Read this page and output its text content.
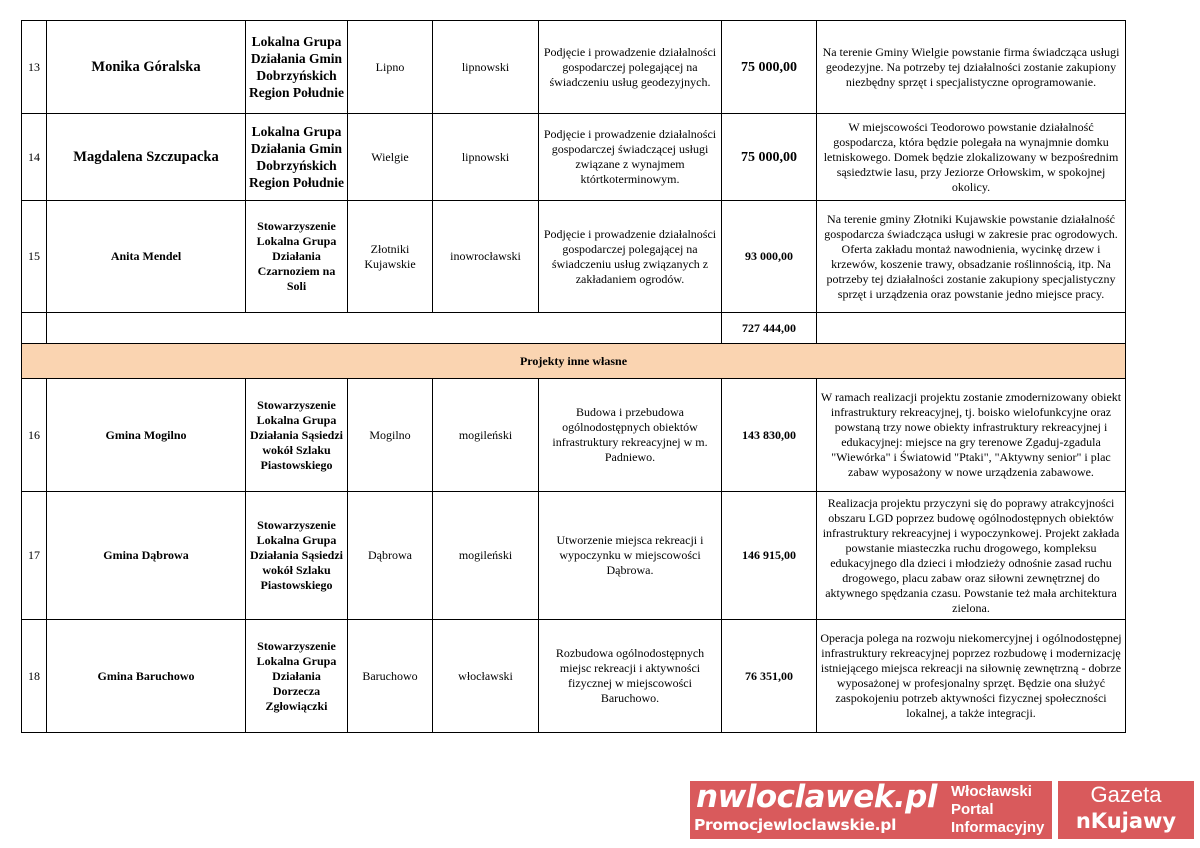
13	Monika Góralska	Lokalna Grupa Działania Gmin Dobrzyńskich Region Południe	Lipno	lipnowski	Podjęcie i prowadzenie działalności gospodarczej polegającej na świadczeniu usług geodezyjnych.	75 000,00	Na terenie Gminy Wielgie powstanie firma świadcząca usługi geodezyjne. Na potrzeby tej działalności zostanie zakupiony niezbędny sprzęt i specjalistyczne oprogramowanie.
14	Magdalena Szczupacka	Lokalna Grupa Działania Gmin Dobrzyńskich Region Południe	Wielgie	lipnowski	Podjęcie i prowadzenie działalności gospodarczej świadczącej usługi związane z wynajmem którtkoterminowym.	75 000,00	W miejscowości Teodorowo powstanie działalność gospodarcza, która będzie polegała na wynajmnie domku letniskowego. Domek będzie zlokalizowany w bezpośrednim sąsiedztwie lasu, przy Jeziorze Orłowskim, w spokojnej okolicy.
15	Anita Mendel	Stowarzyszenie Lokalna Grupa Działania Czarnoziem na Soli	Złotniki Kujawskie	inowrocławski	Podjęcie i prowadzenie działalności gospodarczej polegającej na świadczeniu usług związanych z zakładaniem ogrodów.	93 000,00	Na terenie gminy Złotniki Kujawskie powstanie działalność gospodarcza świadcząca usługi w zakresie prac ogrodowych. Oferta zakładu montaż nawodnienia, wycinkę drzew i krzewów, koszenie trawy, obsadzanie roślinnością, itp. Na potrzeby tej działalności zostanie zakupiony specjalistyczny sprzęt i urządzenia oraz powstanie jedno miejsce pracy.
						727 444,00	
Projekty inne własne							
16	Gmina Mogilno	Stowarzyszenie Lokalna Grupa Działania Sąsiedzi wokół Szlaku Piastowskiego	Mogilno	mogileński	Budowa i przebudowa ogólnodostępnych obiektów infrastruktury rekreacyjnej w m. Padniewo.	143 830,00	W ramach realizacji projektu zostanie zmodernizowany obiekt infrastruktury rekreacyjnej, tj. boisko wielofunkcyjne oraz powstaną trzy nowe obiekty infrastruktury rekreacyjnej i edukacyjnej: miejsce na gry terenowe Zgaduj-zgadula "Wiewórka" i Światowid "Ptaki", "Aktywny senior" i plac zabaw wyposażony w nowe urządzenia zabawowe.
17	Gmina Dąbrowa	Stowarzyszenie Lokalna Grupa Działania Sąsiedzi wokół Szlaku Piastowskiego	Dąbrowa	mogileński	Utworzenie miejsca rekreacji i wypoczynku w miejscowości Dąbrowa.	146 915,00	Realizacja projektu przyczyni się do poprawy atrakcyjności obszaru LGD poprzez budowę ogólnodostępnych obiektów infrastruktury rekreacyjnej i wypoczynkowej. Projekt zakłada powstanie miasteczka ruchu drogowego, kompleksu edukacyjnego dla dzieci i młodzieży odnośnie zasad ruchu drogowego, placu zabaw oraz siłowni zewnętrznej do aktywnego spędzania czasu. Powstanie też mała architektura zielona.
18	Gmina Baruchowo	Stowarzyszenie Lokalna Grupa Działania Dorzecza Zgłowiączki	Baruchowo	włocławski	Rozbudowa ogólnodostępnych miejsc rekreacji i aktywności fizycznej w miejscowości Baruchowo.	76 351,00	Operacja polega na rozwoju niekomercyjnej i ogólnodostępnej infrastruktury rekreacyjnej poprzez rozbudowę i modernizację istniejącego miejsca rekreacji na siłownię zewnętrzną - dobrze wyposażonej w profesjonalny sprzęt. Będzie ona służyć zaspokojeniu potrzeb aktywności fizycznej społeczności lokalnej, a także integracji.
nwloclawek.pl
Promocjewloclawskie.pl
Włocławski
Portal
Informacyjny
Gazeta
nKujawy
